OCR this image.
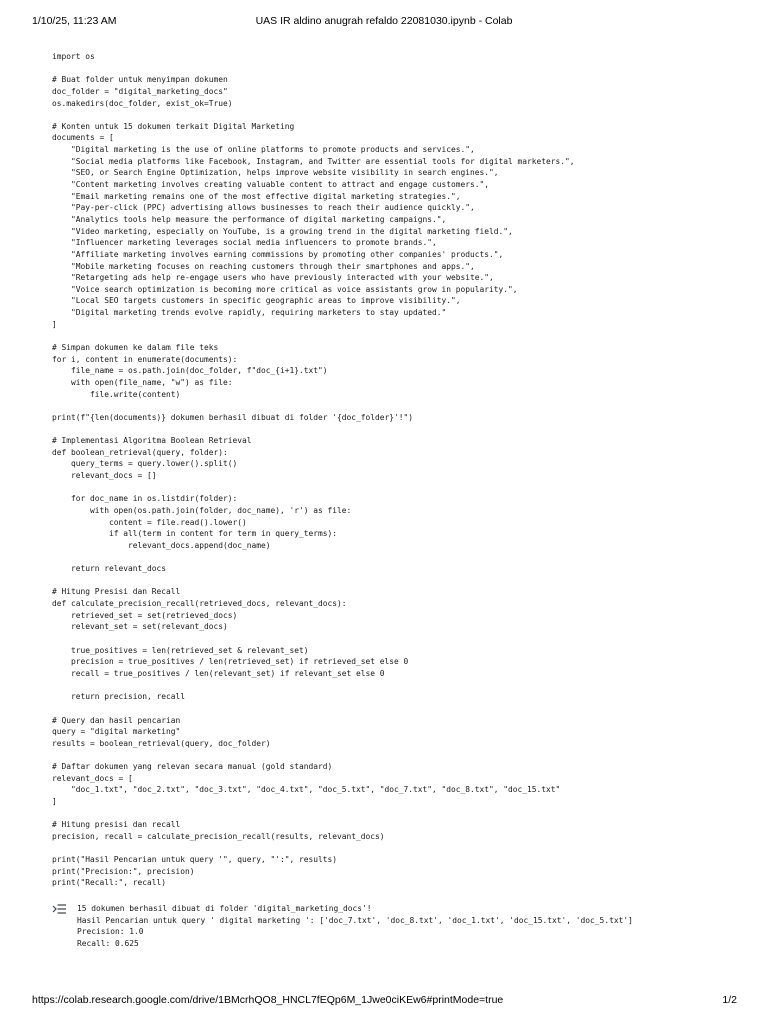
1/10/25, 11:23 AM	UAS IR aldino anugrah refaldo 22081030.ipynb - Colab
import os
# Buat folder untuk menyimpan dokumen
doc_folder = "digital_marketing_docs"
os.makedirs(doc_folder, exist_ok=True)
# Konten untuk 15 dokumen terkait Digital Marketing
documents = [
"Digital marketing is the use of online platforms to promote products and services.",
"Social media platforms like Facebook, Instagram, and Twitter are essential tools for digital marketers.",
"SEO, or Search Engine Optimization, helps improve website visibility in search engines.",
"Content marketing involves creating valuable content to attract and engage customers.",
"Email marketing remains one of the most effective digital marketing strategies.",
"Pay-per-click (PPC) advertising allows businesses to reach their audience quickly.",
"Analytics tools help measure the performance of digital marketing campaigns.",
"Video marketing, especially on YouTube, is a growing trend in the digital marketing field.",
"Influencer marketing leverages social media influencers to promote brands.",
"Affiliate marketing involves earning commissions by promoting other companies' products.",
"Mobile marketing focuses on reaching customers through their smartphones and apps.",
"Retargeting ads help re-engage users who have previously interacted with your website.",
"Voice search optimization is becoming more critical as voice assistants grow in popularity.",
"Local SEO targets customers in specific geographic areas to improve visibility.",
"Digital marketing trends evolve rapidly, requiring marketers to stay updated."
]
# Simpan dokumen ke dalam file teks
for i, content in enumerate(documents):
file_name = os.path.join(doc_folder, f"doc_{i+1}.txt")
with open(file_name, "w") as file:
file.write(content)
print(f"{len(documents)} dokumen berhasil dibuat di folder '{doc_folder}'!")
# Implementasi Algoritma Boolean Retrieval
def boolean_retrieval(query, folder):
query_terms = query.lower().split()
relevant_docs = []
for doc_name in os.listdir(folder):
with open(os.path.join(folder, doc_name), 'r') as file:
content = file.read().lower()
if all(term in content for term in query_terms):
relevant_docs.append(doc_name)
return relevant_docs
# Hitung Presisi dan Recall
def calculate_precision_recall(retrieved_docs, relevant_docs):
retrieved_set = set(retrieved_docs)
relevant_set = set(relevant_docs)
true_positives = len(retrieved_set & relevant_set)
precision = true_positives / len(retrieved_set) if retrieved_set else 0
recall = true_positives / len(relevant_set) if relevant_set else 0
return precision, recall
# Query dan hasil pencarian
query = "digital marketing"
results = boolean_retrieval(query, doc_folder)
# Daftar dokumen yang relevan secara manual (gold standard)
relevant_docs = [
"doc_1.txt", "doc_2.txt", "doc_3.txt", "doc_4.txt", "doc_5.txt", "doc_7.txt", "doc_8.txt", "doc_15.txt"
]
# Hitung presisi dan recall
precision, recall = calculate_precision_recall(results, relevant_docs)
print("Hasil Pencarian untuk query '", query, "':", results)
print("Precision:", precision)
print("Recall:", recall)
15 dokumen berhasil dibuat di folder 'digital_marketing_docs'!
Hasil Pencarian untuk query ' digital marketing ': ['doc_7.txt', 'doc_8.txt', 'doc_1.txt', 'doc_15.txt', 'doc_5.txt']
Precision: 1.0
Recall: 0.625
https://colab.research.google.com/drive/1BMcrhQO8_HNCL7fEQp6M_1Jwe0ciKEw6#printMode=true	1/2
